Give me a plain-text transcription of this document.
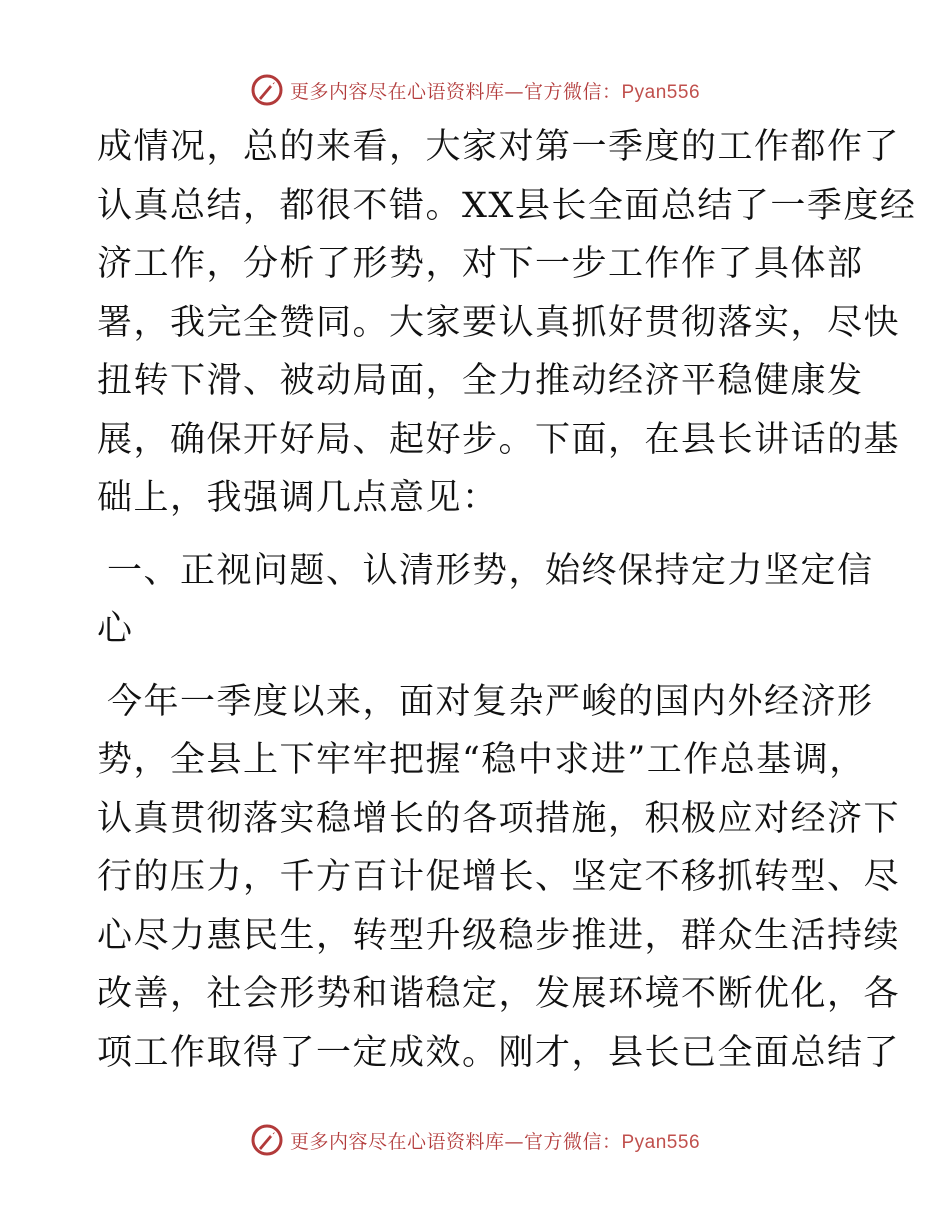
更多内容尽在心语资料库—官方微信：Pyan556
成情况，总的来看，大家对第一季度的工作都作了
认真总结，都很不错。XX县长全面总结了一季度经
济工作，分析了形势，对下一步工作作了具体部
署，我完全赞同。大家要认真抓好贯彻落实，尽快
扭转下滑、被动局面，全力推动经济平稳健康发
展，确保开好局、起好步。下面，在县长讲话的基
础上，我强调几点意见：
一、正视问题、认清形势，始终保持定力坚定信
心
今年一季度以来，面对复杂严峻的国内外经济形
势，全县上下牢牢把握“稳中求进”工作总基调，
认真贯彻落实稳增长的各项措施，积极应对经济下
行的压力，千方百计促增长、坚定不移抓转型、尽
心尽力惠民生，转型升级稳步推进，群众生活持续
改善，社会形势和谐稳定，发展环境不断优化，各
项工作取得了一定成效。刚才，县长已全面总结了
更多内容尽在心语资料库—官方微信：Pyan556
